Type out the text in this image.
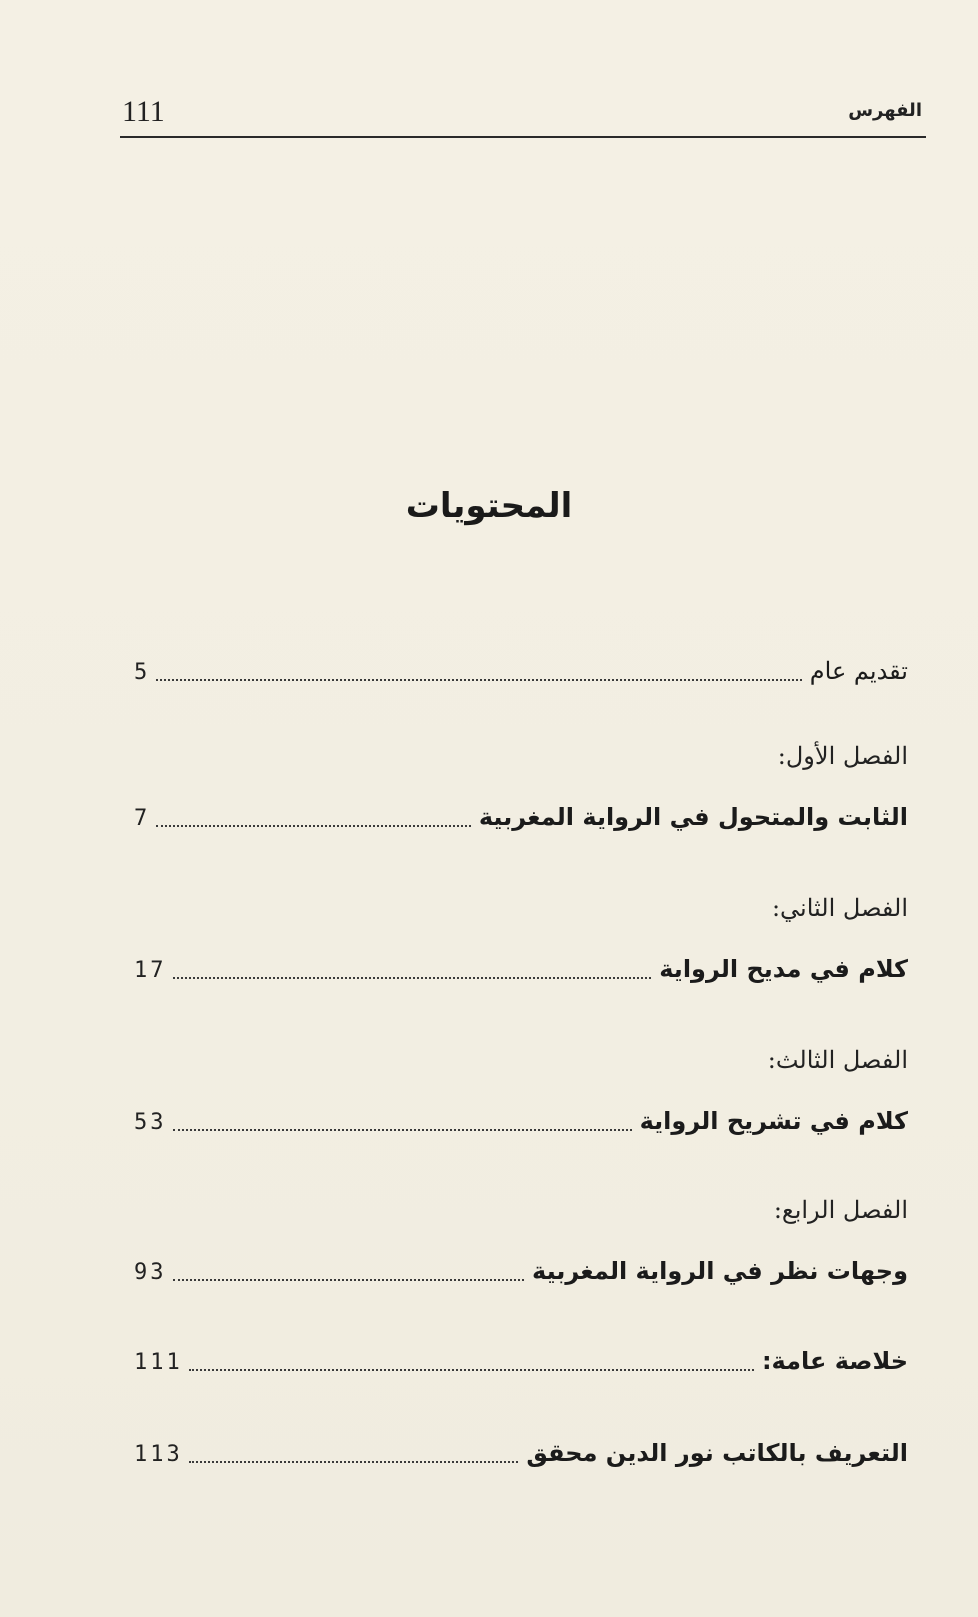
111	الفهرس
المحتويات
تقديم عام
5
الفصل الأول:
الثابت والمتحول في الرواية المغربية
7
الفصل الثاني:
كلام في مديح الرواية
17
الفصل الثالث:
كلام في تشريح الرواية
53
الفصل الرابع:
وجهات نظر في الرواية المغربية
93
خلاصة عامة:
111
التعريف بالكاتب نور الدين محقق
113
